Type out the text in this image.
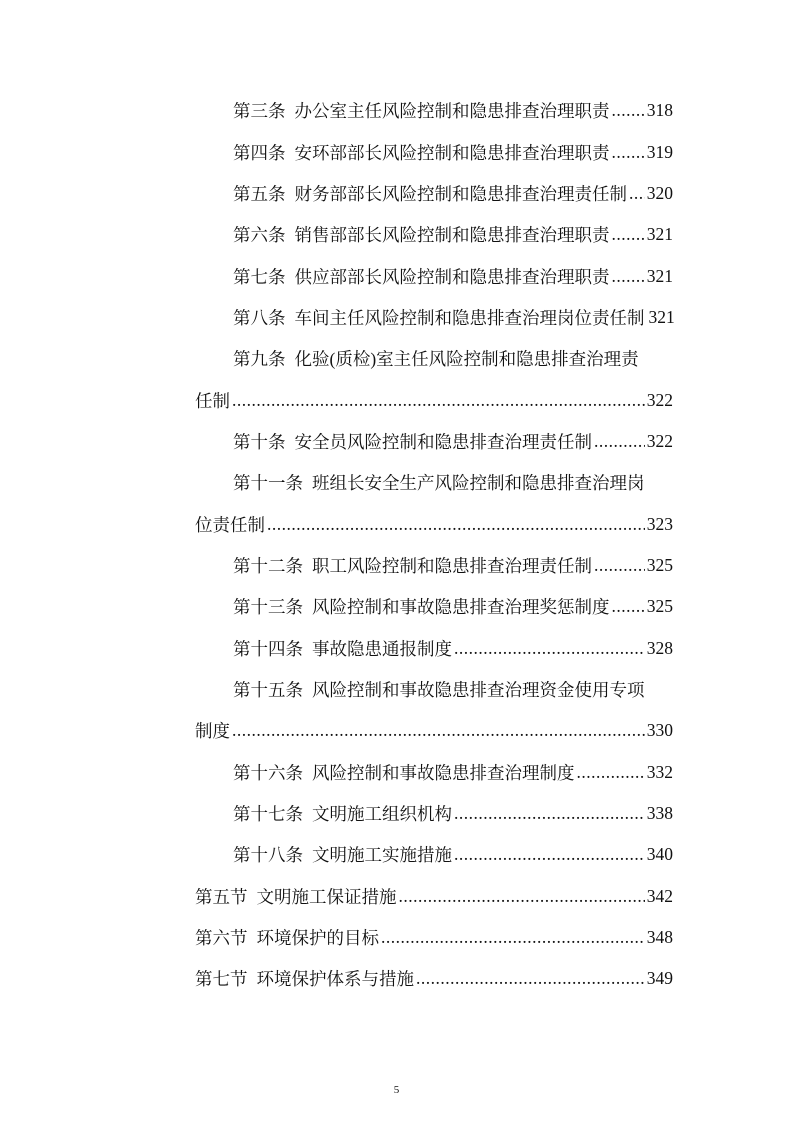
第三条 办公室主任风险控制和隐患排查治理职责 ..... 318
第四条 安环部部长风险控制和隐患排查治理职责 ..... 319
第五条 财务部部长风险控制和隐患排查治理责任制 ..... 320
第六条 销售部部长风险控制和隐患排查治理职责 ..... 321
第七条 供应部部长风险控制和隐患排查治理职责 ..... 321
第八条 车间主任风险控制和隐患排查治理岗位责任制 321
第九条 化验(质检)室主任风险控制和隐患排查治理责
任制 .....	322
第十条 安全员风险控制和隐患排查治理责任制 .....	322
第十一条 班组长安全生产风险控制和隐患排查治理岗
位责任制 .....	323
第十二条 职工风险控制和隐患排查治理责任制 .....	325
第十三条 风险控制和事故隐患排查治理奖惩制度 ..... 325
第十四条 事故隐患通报制度 .....	328
第十五条 风险控制和事故隐患排查治理资金使用专项
制度 .....	330
第十六条 风险控制和事故隐患排查治理制度 .....	332
第十七条 文明施工组织机构 .....	338
第十八条 文明施工实施措施 .....	340
第五节 文明施工保证措施 .....	342
第六节 环境保护的目标 .....	348
第七节 环境保护体系与措施 .....	349
5
